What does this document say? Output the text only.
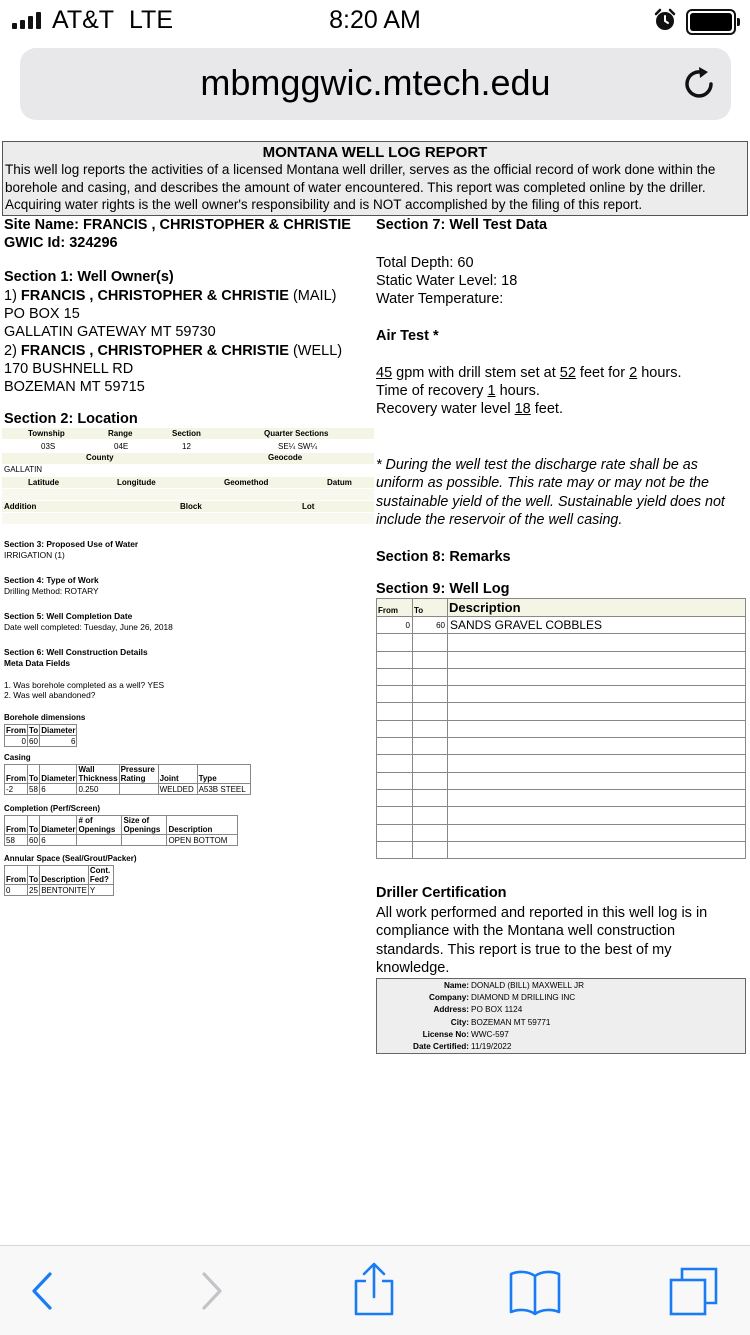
AT&T LTE	8:20 AM
mbmggwic.mtech.edu
MONTANA WELL LOG REPORT
This well log reports the activities of a licensed Montana well driller, serves as the official record of work done within the
borehole and casing, and describes the amount of water encountered. This report was completed online by the driller.
Acquiring water rights is the well owner's responsibility and is NOT accomplished by the filing of this report.
Site Name: FRANCIS , CHRISTOPHER & CHRISTIE
GWIC Id: 324296
Section 1: Well Owner(s)
1) FRANCIS , CHRISTOPHER & CHRISTIE (MAIL)
PO BOX 15
GALLATIN GATEWAY MT 59730
2) FRANCIS , CHRISTOPHER & CHRISTIE (WELL)
170 BUSHNELL RD
BOZEMAN MT 59715
Section 2: Location
Township	Range	Section	Quarter Sections
03S	04E	12	SE¼ SW¼
County	Geocode
GALLATIN
Latitude	Longitude	Geomethod	Datum
Addition	Block	Lot
Section 3: Proposed Use of Water
IRRIGATION (1)
Section 4: Type of Work
Drilling Method: ROTARY
Section 5: Well Completion Date
Date well completed: Tuesday, June 26, 2018
Section 6: Well Construction Details
Meta Data Fields
1. Was borehole completed as a well? YES
2. Was well abandoned?
Borehole dimensions
From	To	Diameter
0	60	6
Casing
From	To	Diameter	Wall Thickness	Pressure Rating	Joint	Type
-2	58	6	0.250		WELDED	A53B STEEL
Completion (Perf/Screen)
From	To	Diameter	# of Openings	Size of Openings	Description
58	60	6			OPEN BOTTOM
Annular Space (Seal/Grout/Packer)
From	To	Description	Cont. Fed?
0	25	BENTONITE	Y
Section 7: Well Test Data
Total Depth: 60
Static Water Level: 18
Water Temperature:
Air Test *
45 gpm with drill stem set at 52 feet for 2 hours.
Time of recovery 1 hours.
Recovery water level 18 feet.
* During the well test the discharge rate shall be as uniform as possible. This rate may or may not be the sustainable yield of the well. Sustainable yield does not include the reservoir of the well casing.
Section 8: Remarks
Section 9: Well Log
From	To	Description
0	60	SANDS GRAVEL COBBLES

Driller Certification
All work performed and reported in this well log is in compliance with the Montana well construction standards. This report is true to the best of my knowledge.
Name: DONALD (BILL) MAXWELL JR
Company: DIAMOND M DRILLING INC
Address: PO BOX 1124
City: BOZEMAN MT 59771
License No: WWC-597
Date Certified: 11/19/2022
